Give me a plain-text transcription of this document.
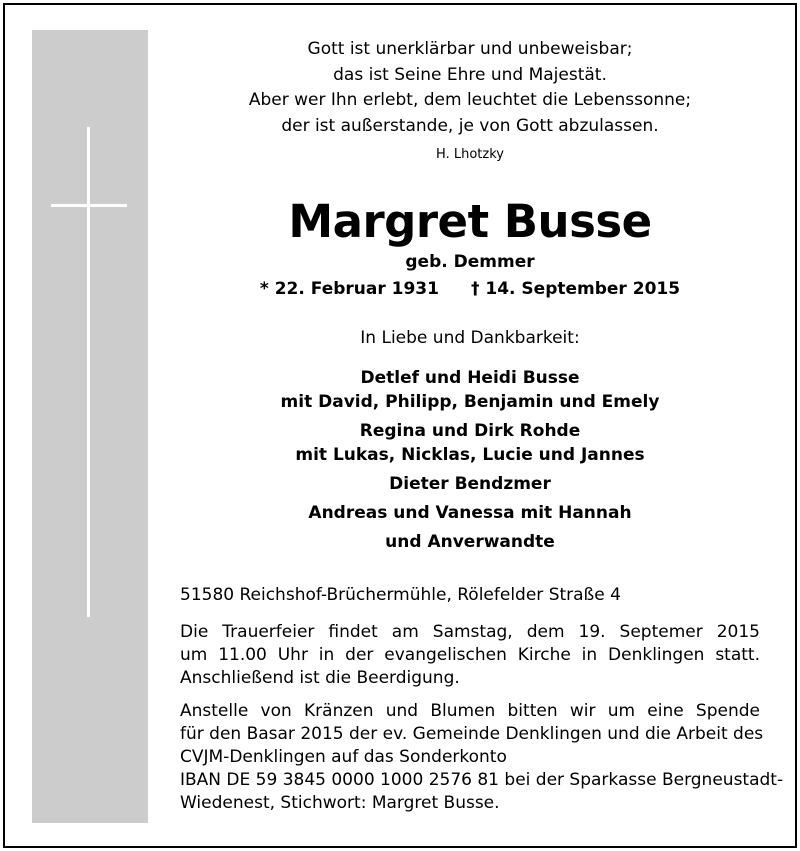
Gott ist unerklärbar und unbeweisbar;
das ist Seine Ehre und Majestät.
Aber wer Ihn erlebt, dem leuchtet die Lebenssonne;
der ist außerstande, je von Gott abzulassen.
H. Lhotzky
Margret Busse
geb. Demmer
* 22. Februar 1931 † 14. September 2015
In Liebe und Dankbarkeit:
Detlef und Heidi Busse
mit David, Philipp, Benjamin und Emely
Regina und Dirk Rohde
mit Lukas, Nicklas, Lucie und Jannes
Dieter Bendzmer
Andreas und Vanessa mit Hannah
und Anverwandte
51580 Reichshof-Brüchermühle, Rölefelder Straße 4
Die Trauerfeier findet am Samstag, dem 19. Septemer 2015
um 11.00 Uhr in der evangelischen Kirche in Denklingen statt.
Anschließend ist die Beerdigung.
Anstelle von Kränzen und Blumen bitten wir um eine Spende
für den Basar 2015 der ev. Gemeinde Denklingen und die Arbeit des
CVJM-Denklingen auf das Sonderkonto
IBAN DE 59 3845 0000 1000 2576 81 bei der Sparkasse Bergneustadt-
Wiedenest, Stichwort: Margret Busse.
